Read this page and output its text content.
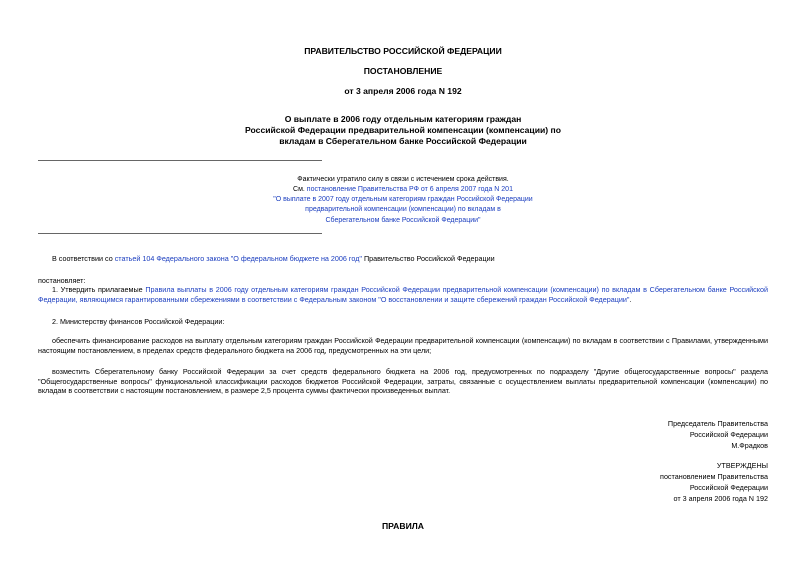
ПРАВИТЕЛЬСТВО РОССИЙСКОЙ ФЕДЕРАЦИИ
ПОСТАНОВЛЕНИЕ
от 3 апреля 2006 года N 192
О выплате в 2006 году отдельным категориям граждан
Российской Федерации предварительной компенсации (компенсации) по
вкладам в Сберегательном банке Российской Федерации
Фактически утратило силу в связи с истечением срока действия.
См. постановление Правительства РФ от 6 апреля 2007 года N 201
"О выплате в 2007 году отдельным категориям граждан Российской Федерации
предварительной компенсации (компенсации) по вкладам в
Сберегательном банке Российской Федерации"
В соответствии со статьей 104 Федерального закона "О федеральном бюджете на 2006 год" Правительство Российской Федерации
постановляет:
1. Утвердить прилагаемые Правила выплаты в 2006 году отдельным категориям граждан Российской Федерации предварительной компенсации (компенсации) по вкладам в Сберегательном банке Российской Федерации, являющимся гарантированными сбережениями в соответствии с Федеральным законом "О восстановлении и защите сбережений граждан Российской Федерации".
2. Министерству финансов Российской Федерации:
обеспечить финансирование расходов на выплату отдельным категориям граждан Российской Федерации предварительной компенсации (компенсации) по вкладам в соответствии с Правилами, утвержденными настоящим постановлением, в пределах средств федерального бюджета на 2006 год, предусмотренных на эти цели;
возместить Сберегательному банку Российской Федерации за счет средств федерального бюджета на 2006 год, предусмотренных по подразделу "Другие общегосударственные вопросы" раздела "Общегосударственные вопросы" функциональной классификации расходов бюджетов Российской Федерации, затраты, связанные с осуществлением выплаты предварительной компенсации (компенсации) по вкладам в соответствии с настоящим постановлением, в размере 2,5 процента суммы фактически произведенных выплат.
Председатель Правительства
Российской Федерации
М.Фрадков
УТВЕРЖДЕНЫ
постановлением Правительства
Российской Федерации
от 3 апреля 2006 года N 192
ПРАВИЛА
